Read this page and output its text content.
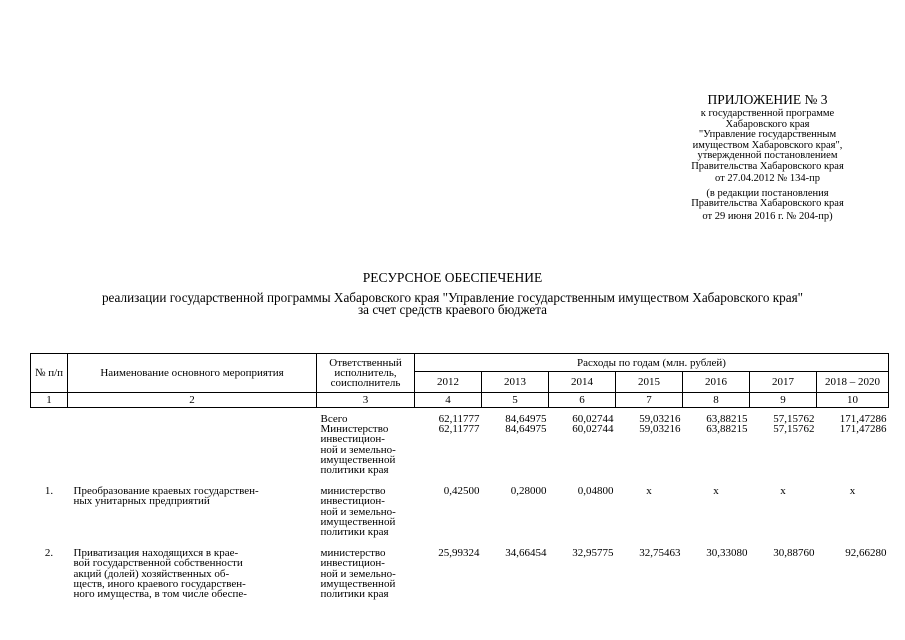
ПРИЛОЖЕНИЕ № 3
к государственной программе
Хабаровского края
"Управление государственным
имуществом Хабаровского края",
утвержденной постановлением
Правительства Хабаровского края
от 27.04.2012 № 134-пр
(в редакции постановления
Правительства Хабаровского края
от 29 июня 2016 г. № 204-пр)
РЕСУРСНОЕ ОБЕСПЕЧЕНИЕ
реализации государственной программы Хабаровского края "Управление государственным имуществом Хабаровского края"
за счет средств краевого бюджета
№ п/п	Наименование основного мероприятия	Ответственный исполнитель, соисполнитель	Расходы по годам (млн. рублей)						
			2012	2013	2014	2015	2016	2017	2018 – 2020
1	2	3	4	5	6	7	8	9	10

		Всего	62,11777	84,64975	60,02744	59,03216	63,88215	57,15762	171,47286
		Министерство
инвестицион-
ной и земельно-
имущественной
политики края	62,11777	84,64975	60,02744	59,03216	63,88215	57,15762	171,47286

1.	Преобразование краевых государствен-
ных унитарных предприятий	министерство
инвестицион-
ной и земельно-
имущественной
политики края	0,42500	0,28000	0,04800	х	х	х	х

2.	Приватизация находящихся в крае-
вой государственной собственности
акций (долей) хозяйственных об-
ществ, иного краевого государствен-
ного имущества, в том числе обеспе-	министерство
инвестицион-
ной и земельно-
имущественной
политики края	25,99324	34,66454	32,95775	32,75463	30,33080	30,88760	92,66280
